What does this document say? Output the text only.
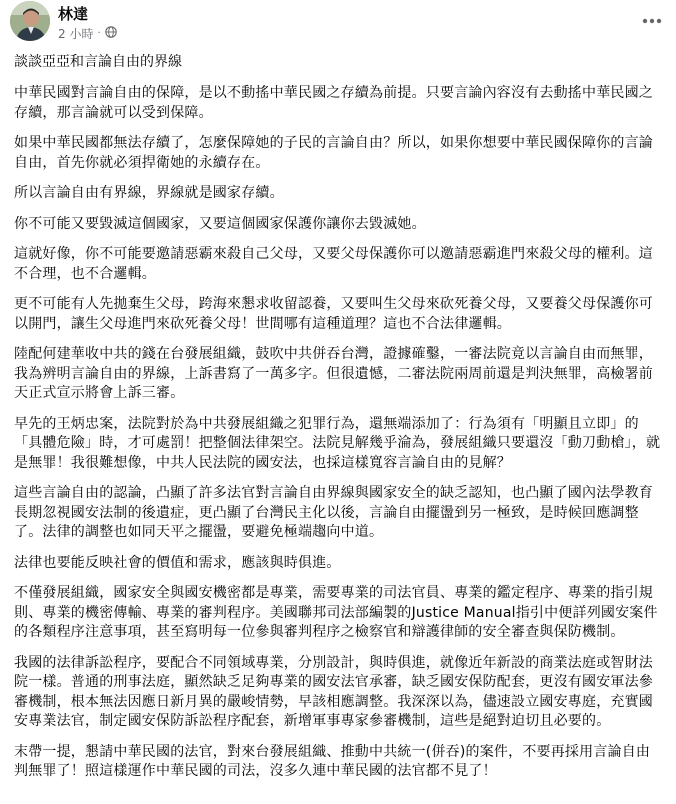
林達
2 小時 ·

談談亞亞和言論自由的界線

中華民國對言論自由的保障，是以不動搖中華民國之存續為前提。只要言論內容沒有去動搖中華民國之存續，那言論就可以受到保障。

如果中華民國都無法存續了，怎麼保障她的子民的言論自由？所以，如果你想要中華民國保障你的言論自由，首先你就必須捍衛她的永續存在。

所以言論自由有界線，界線就是國家存續。

你不可能又要毀滅這個國家，又要這個國家保護你讓你去毀滅她。

這就好像，你不可能要邀請惡霸來殺自己父母，又要父母保護你可以邀請惡霸進門來殺父母的權利。這不合理，也不合邏輯。

更不可能有人先拋棄生父母，跨海來懇求收留認養，又要叫生父母來砍死養父母，又要養父母保護你可以開門，讓生父母進門來砍死養父母！世間哪有這種道理？這也不合法律邏輯。

陸配何建華收中共的錢在台發展組織，鼓吹中共併吞台灣，證據確鑿，一審法院竟以言論自由而無罪，我為辨明言論自由的界線，上訴書寫了一萬多字。但很遺憾，二審法院兩周前還是判決無罪，高檢署前天正式宣示將會上訴三審。

早先的王炳忠案，法院對於為中共發展組織之犯罪行為，還無端添加了：行為須有「明顯且立即」的「具體危險」時，才可處罰！把整個法律架空。法院見解幾乎淪為，發展組織只要還沒「動刀動槍」，就是無罪！我很難想像，中共人民法院的國安法，也採這樣寬容言論自由的見解？

這些言論自由的認論，凸顯了許多法官對言論自由界線與國家安全的缺乏認知，也凸顯了國內法學教育長期忽視國安法制的後遺症，更凸顯了台灣民主化以後，言論自由擺盪到另一極致，是時候回應調整了。法律的調整也如同天平之擺盪，要避免極端趨向中道。

法律也要能反映社會的價值和需求，應該與時俱進。

不僅發展組織，國家安全與國安機密都是專業，需要專業的司法官員、專業的鑑定程序、專業的指引規則、專業的機密傳輸、專業的審判程序。美國聯邦司法部編製的Justice Manual指引中便詳列國安案件的各類程序注意事項，甚至寫明每一位參與審判程序之檢察官和辯護律師的安全審查與保防機制。

我國的法律訴訟程序，要配合不同領域專業，分別設計，與時俱進，就像近年新設的商業法庭或智財法院一樣。普通的刑事法庭，顯然缺乏足夠專業的國安法官承審，缺乏國安保防配套，更沒有國安軍法參審機制，根本無法因應日新月異的嚴峻情勢，早該相應調整。我深深以為，儘速設立國安專庭，充實國安專業法官，制定國安保防訴訟程序配套，新增軍事專家參審機制，這些是絕對迫切且必要的。

末帶一提，懇請中華民國的法官，對來台發展組織、推動中共統一(併吞)的案件，不要再採用言論自由判無罪了！照這樣運作中華民國的司法，沒多久連中華民國的法官都不見了！
